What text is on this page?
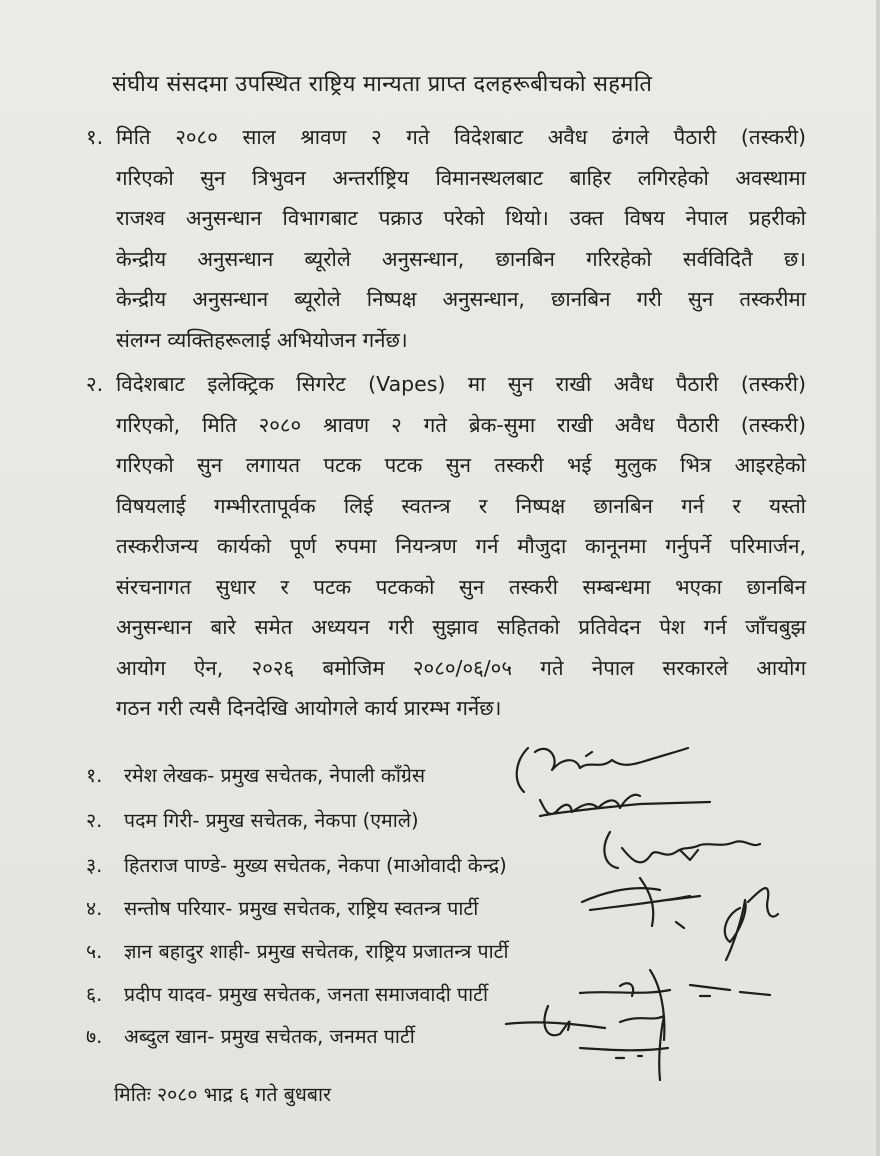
संघीय संसदमा उपस्थित राष्ट्रिय मान्यता प्राप्त दलहरूबीचको सहमति
१. मिति २०८० साल श्रावण २ गते विदेशबाट अवैध ढंगले पैठारी (तस्करी)
गरिएको सुन त्रिभुवन अन्तर्राष्ट्रिय विमानस्थलबाट बाहिर लगिरहेको अवस्थामा
राजश्व अनुसन्धान विभागबाट पक्राउ परेको थियो। उक्त विषय नेपाल प्रहरीको
केन्द्रीय अनुसन्धान ब्यूरोले अनुसन्धान, छानबिन गरिरहेको सर्वविदितै छ।
केन्द्रीय अनुसन्धान ब्यूरोले निष्पक्ष अनुसन्धान, छानबिन गरी सुन तस्करीमा
संलग्न व्यक्तिहरूलाई अभियोजन गर्नेछ।
२. विदेशबाट इलेक्ट्रिक सिगरेट (Vapes) मा सुन राखी अवैध पैठारी (तस्करी)
गरिएको, मिति २०८० श्रावण २ गते ब्रेक-सुमा राखी अवैध पैठारी (तस्करी)
गरिएको सुन लगायत पटक पटक सुन तस्करी भई मुलुक भित्र आइरहेको
विषयलाई गम्भीरतापूर्वक लिई स्वतन्त्र र निष्पक्ष छानबिन गर्न र यस्तो
तस्करीजन्य कार्यको पूर्ण रुपमा नियन्त्रण गर्न मौजुदा कानूनमा गर्नुपर्ने परिमार्जन,
संरचनागत सुधार र पटक पटकको सुन तस्करी सम्बन्धमा भएका छानबिन
अनुसन्धान बारे समेत अध्ययन गरी सुझाव सहितको प्रतिवेदन पेश गर्न जाँचबुझ
आयोग ऐन, २०२६ बमोजिम २०८०/०६/०५ गते नेपाल सरकारले आयोग
गठन गरी त्यसै दिनदेखि आयोगले कार्य प्रारम्भ गर्नेछ।
१. रमेश लेखक- प्रमुख सचेतक, नेपाली काँग्रेस
२. पदम गिरी- प्रमुख सचेतक, नेकपा (एमाले)
३. हितराज पाण्डे- मुख्य सचेतक, नेकपा (माओवादी केन्द्र)
४. सन्तोष परियार- प्रमुख सचेतक, राष्ट्रिय स्वतन्त्र पार्टी
५. ज्ञान बहादुर शाही- प्रमुख सचेतक, राष्ट्रिय प्रजातन्त्र पार्टी
६. प्रदीप यादव- प्रमुख सचेतक, जनता समाजवादी पार्टी
७. अब्दुल खान- प्रमुख सचेतक, जनमत पार्टी
मितिः २०८० भाद्र ६ गते बुधबार
